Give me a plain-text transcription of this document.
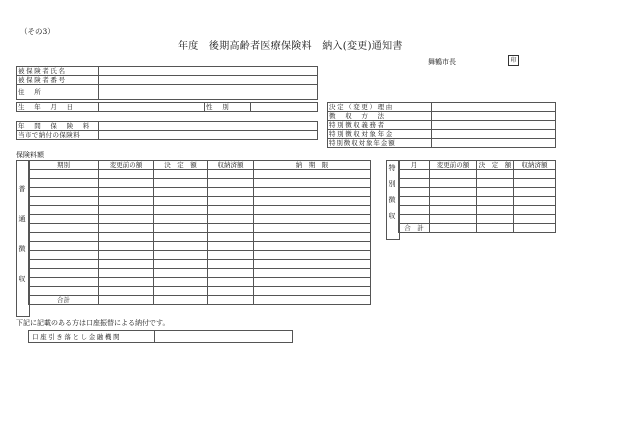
（その3）
年度　後期高齢者医療保険料　納入(変更)通知書
舞鶴市長	印
被保険者氏名	
被保険者番号	
住　所	
生　年　月　日		性　別	
年　間　保　険　料	
当市で納付の保険料	
決定（変更）理由	
徴　収　方　法	
特別徴収義務者	
特別徴収対象年金	
特別徴収対象年金額	
保険料額
普
通
徴
収
期別	変更前の額	決　定　額	収納済額	納　期　限

合計				
特
別
徴
収
月	変更前の額	決　定　額	収納済額

合　計			
下記に記載のある方は口座振替による納付です。
口座引き落とし金融機関	
